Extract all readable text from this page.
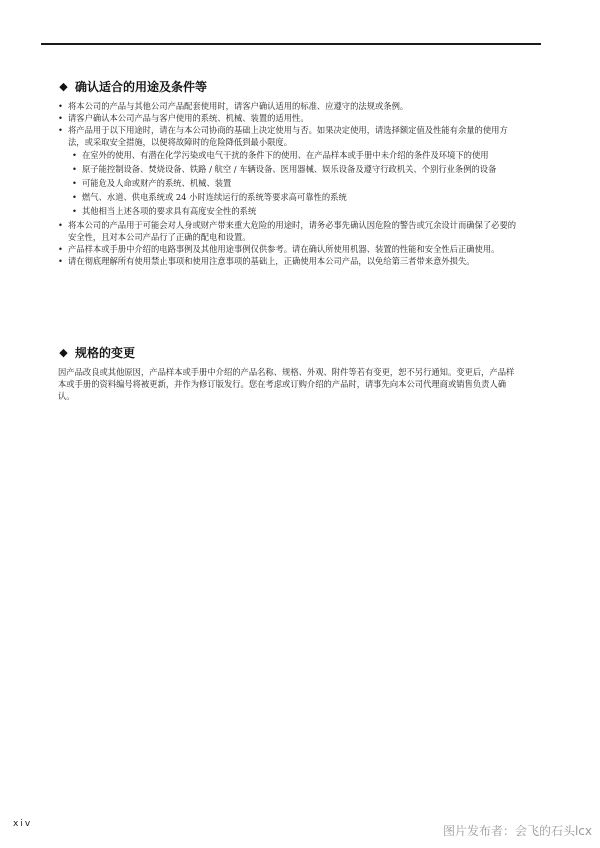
◆ 确认适合的用途及条件等
• 将本公司的产品与其他公司产品配套使用时，请客户确认适用的标准、应遵守的法规或条例。
• 请客户确认本公司产品与客户使用的系统、机械、装置的适用性。
• 将产品用于以下用途时，请在与本公司协商的基础上决定使用与否。如果决定使用，请选择额定值及性能有余量的使用方法，或采取安全措施，以便将故障时的危险降低到最小限度。
• 在室外的使用、有潜在化学污染或电气干扰的条件下的使用、在产品样本或手册中未介绍的条件及环境下的使用
• 原子能控制设备、焚烧设备、铁路 / 航空 / 车辆设备、医用器械、娱乐设备及遵守行政机关、个别行业条例的设备
• 可能危及人命或财产的系统、机械、装置
• 燃气、水道、供电系统或 24 小时连续运行的系统等要求高可靠性的系统
• 其他相当上述各项的要求具有高度安全性的系统
• 将本公司的产品用于可能会对人身或财产带来重大危险的用途时，请务必事先确认因危险的警告或冗余设计而确保了必要的安全性，且对本公司产品行了正确的配电和设置。
• 产品样本或手册中介绍的电路事例及其他用途事例仅供参考。请在确认所使用机器、装置的性能和安全性后正确使用。
• 请在彻底理解所有使用禁止事项和使用注意事项的基础上，正确使用本公司产品，以免给第三者带来意外损失。
◆ 规格的变更
因产品改良或其他原因，产品样本或手册中介绍的产品名称、规格、外观、附件等若有变更，恕不另行通知。变更后，产品样本或手册的资料编号将被更新，并作为修订版发行。您在考虑或订购介绍的产品时，请事先向本公司代理商或销售负责人确认。
xiv	图片发布者：会飞的石头lcx
